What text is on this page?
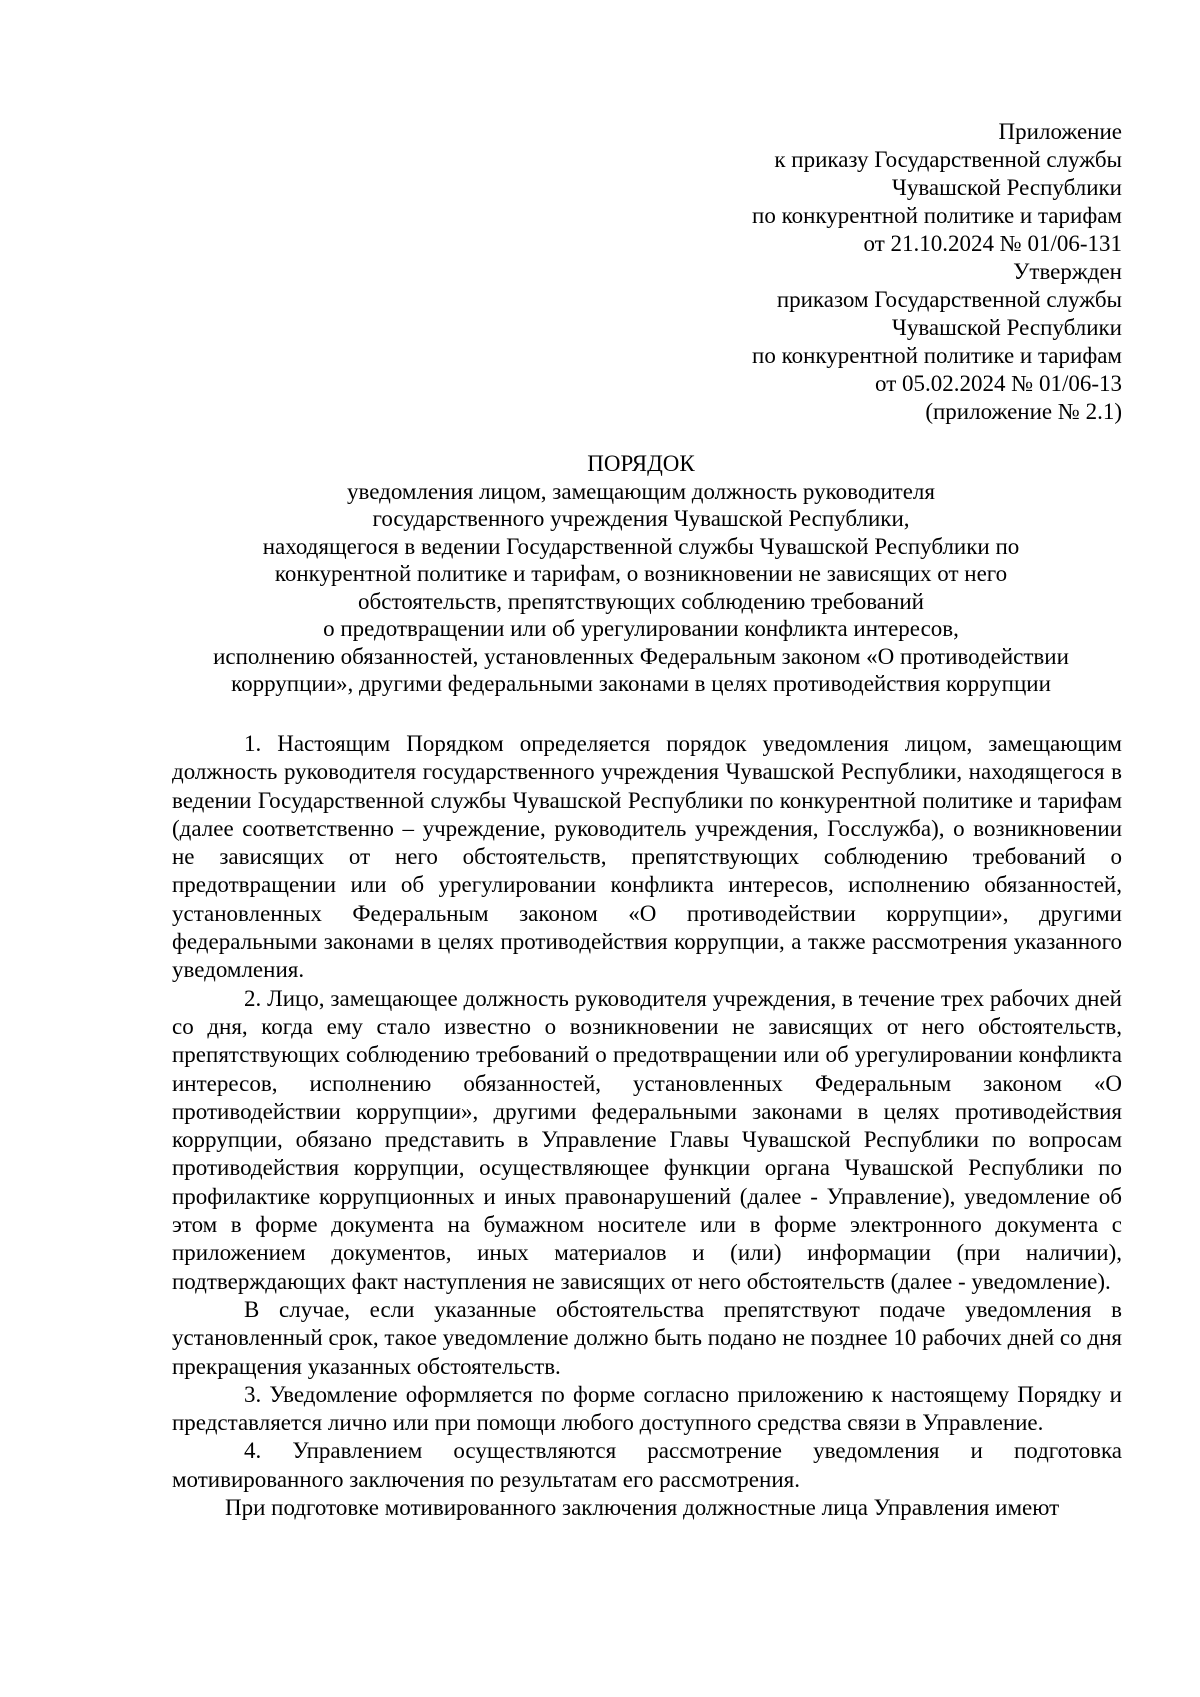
Приложение
к приказу Государственной службы
Чувашской Республики
по конкурентной политике и тарифам
от 21.10.2024 № 01/06-131
Утвержден
приказом Государственной службы
Чувашской Республики
по конкурентной политике и тарифам
от 05.02.2024 № 01/06-13
(приложение № 2.1)
ПОРЯДОК
уведомления лицом, замещающим должность руководителя
государственного учреждения Чувашской Республики,
находящегося в ведении Государственной службы Чувашской Республики по
конкурентной политике и тарифам, о возникновении не зависящих от него
обстоятельств, препятствующих соблюдению требований
о предотвращении или об урегулировании конфликта интересов,
исполнению обязанностей, установленных Федеральным законом «О противодействии
коррупции», другими федеральными законами в целях противодействия коррупции

1. Настоящим Порядком определяется порядок уведомления лицом, замещающим должность руководителя государственного учреждения Чувашской Республики, находящегося в ведении Государственной службы Чувашской Республики по конкурентной политике и тарифам (далее соответственно – учреждение, руководитель учреждения, Госслужба), о возникновении не зависящих от него обстоятельств, препятствующих соблюдению требований о предотвращении или об урегулировании конфликта интересов, исполнению обязанностей, установленных Федеральным законом «О противодействии коррупции», другими федеральными законами в целях противодействия коррупции, а также рассмотрения указанного уведомления.

2. Лицо, замещающее должность руководителя учреждения, в течение трех рабочих дней со дня, когда ему стало известно о возникновении не зависящих от него обстоятельств, препятствующих соблюдению требований о предотвращении или об урегулировании конфликта интересов, исполнению обязанностей, установленных Федеральным законом «О противодействии коррупции», другими федеральными законами в целях противодействия коррупции, обязано представить в Управление Главы Чувашской Республики по вопросам противодействия коррупции, осуществляющее функции органа Чувашской Республики по профилактике коррупционных и иных правонарушений (далее - Управление), уведомление об этом в форме документа на бумажном носителе или в форме электронного документа с приложением документов, иных материалов и (или) информации (при наличии), подтверждающих факт наступления не зависящих от него обстоятельств (далее - уведомление).

В случае, если указанные обстоятельства препятствуют подаче уведомления в установленный срок, такое уведомление должно быть подано не позднее 10 рабочих дней со дня прекращения указанных обстоятельств.

3. Уведомление оформляется по форме согласно приложению к настоящему Порядку и представляется лично или при помощи любого доступного средства связи в Управление.

4. Управлением осуществляются рассмотрение уведомления и подготовка мотивированного заключения по результатам его рассмотрения.

При подготовке мотивированного заключения должностные лица Управления имеют
